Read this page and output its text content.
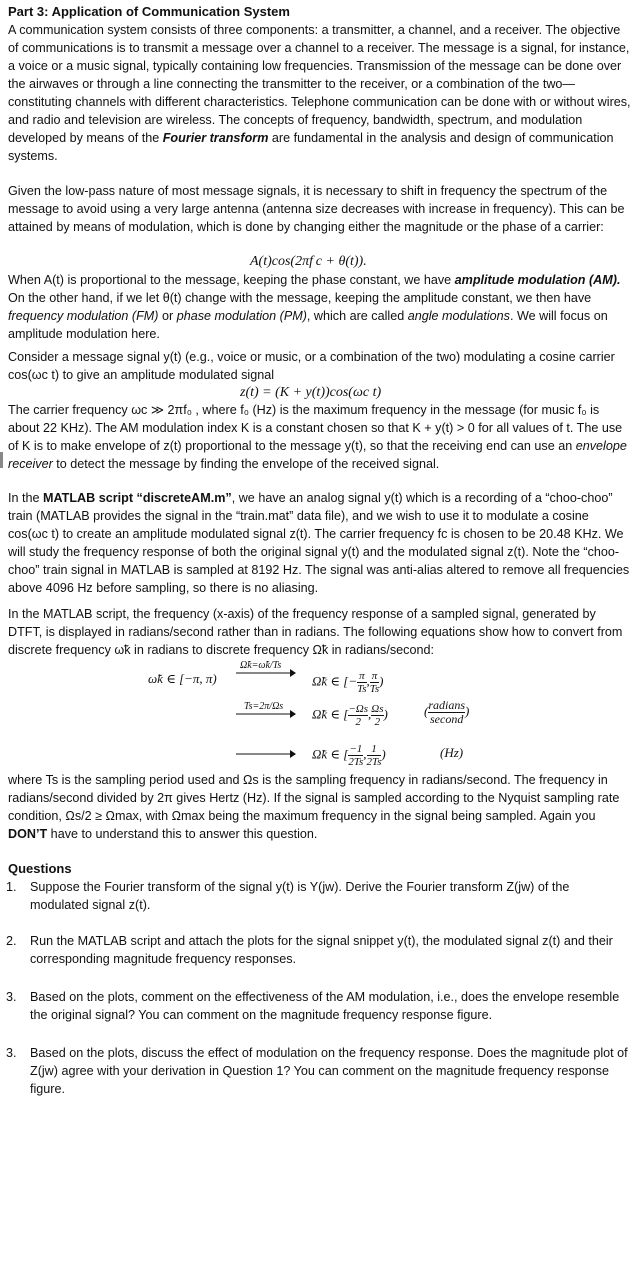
Part 3: Application of Communication System

A communication system consists of three components: a transmitter, a channel, and a receiver. The objective of communications is to transmit a message over a channel to a receiver. The message is a signal, for instance, a voice or a music signal, typically containing low frequencies. Transmission of the message can be done over the airwaves or through a line connecting the transmitter to the receiver, or a combination of the two—constituting channels with different characteristics. Telephone communication can be done with or without wires, and radio and television are wireless. The concepts of frequency, bandwidth, spectrum, and modulation developed by means of the Fourier transform are fundamental in the analysis and design of communication systems.

Given the low-pass nature of most message signals, it is necessary to shift in frequency the spectrum of the message to avoid using a very large antenna (antenna size decreases with increase in frequency). This can be attained by means of modulation, which is done by changing either the magnitude or the phase of a carrier:

A(t)cos(2πf c + θ(t)).

When A(t) is proportional to the message, keeping the phase constant, we have amplitude modulation (AM). On the other hand, if we let θ(t) change with the message, keeping the amplitude constant, we then have frequency modulation (FM) or phase modulation (PM), which are called angle modulations. We will focus on amplitude modulation here.

Consider a message signal y(t) (e.g., voice or music, or a combination of the two) modulating a cosine carrier cos(ωc t) to give an amplitude modulated signal

z(t) = (K + y(t))cos(ωc t)

The carrier frequency ωc ≫ 2πf₀ , where f₀ (Hz) is the maximum frequency in the message (for music f₀ is about 22 KHz). The AM modulation index K is a constant chosen so that K + y(t) > 0 for all values of t. The use of K is to make envelope of z(t) proportional to the message y(t), so that the receiving end can use an envelope receiver to detect the message by finding the envelope of the received signal.

In the MATLAB script “discreteAM.m”, we have an analog signal y(t) which is a recording of a “choo-choo” train (MATLAB provides the signal in the “train.mat” data file), and we wish to use it to modulate a cosine cos(ωc t) to create an amplitude modulated signal z(t). The carrier frequency fc is chosen to be 20.48 KHz. We will study the frequency response of both the original signal y(t) and the modulated signal z(t). Note the “choo-choo” train signal in MATLAB is sampled at 8192 Hz. The signal was anti-alias altered to remove all frequencies above 4096 Hz before sampling, so there is no aliasing.

In the MATLAB script, the frequency (x-axis) of the frequency response of a sampled signal, generated by DTFT, is displayed in radians/second rather than in radians. The following equations show how to convert from discrete frequency ω̃k in radians to discrete frequency Ω̃k in radians/second:

ω̃k ∈ [−π, π)
Ω̃k=ω̃k/Ts
Ω̃k ∈ [− $\frac{\pi}{Ts}$ , $\frac{\pi}{Ts}$ )
Ts=2π/Ωs Ω̃k ∈ [ $\frac{-\Omega s}{2}$ , $\frac{\Omega s}{2}$ )	( radians
second
)
Ω̃k ∈ [ $\frac{-1}{2Ts}$ , $\frac{1}{2Ts}$ )	(Hz)

where Ts is the sampling period used and Ωs is the sampling frequency in radians/second. The frequency in radians/second divided by 2π gives Hertz (Hz). If the signal is sampled according to the Nyquist sampling rate condition, Ωs/2 ≥ Ωmax, with Ωmax being the maximum frequency in the signal being sampled. Again you DON’T have to understand this to answer this question.

Questions
1. Suppose the Fourier transform of the signal y(t) is Y(jw). Derive the Fourier transform Z(jw) of the modulated signal z(t).
2. Run the MATLAB script and attach the plots for the signal snippet y(t), the modulated signal z(t) and their corresponding magnitude frequency responses.
3. Based on the plots, comment on the effectiveness of the AM modulation, i.e., does the envelope resemble the original signal? You can comment on the magnitude frequency response figure.
3. Based on the plots, discuss the effect of modulation on the frequency response. Does the magnitude plot of Z(jw) agree with your derivation in Question 1? You can comment on the magnitude frequency response figure.
